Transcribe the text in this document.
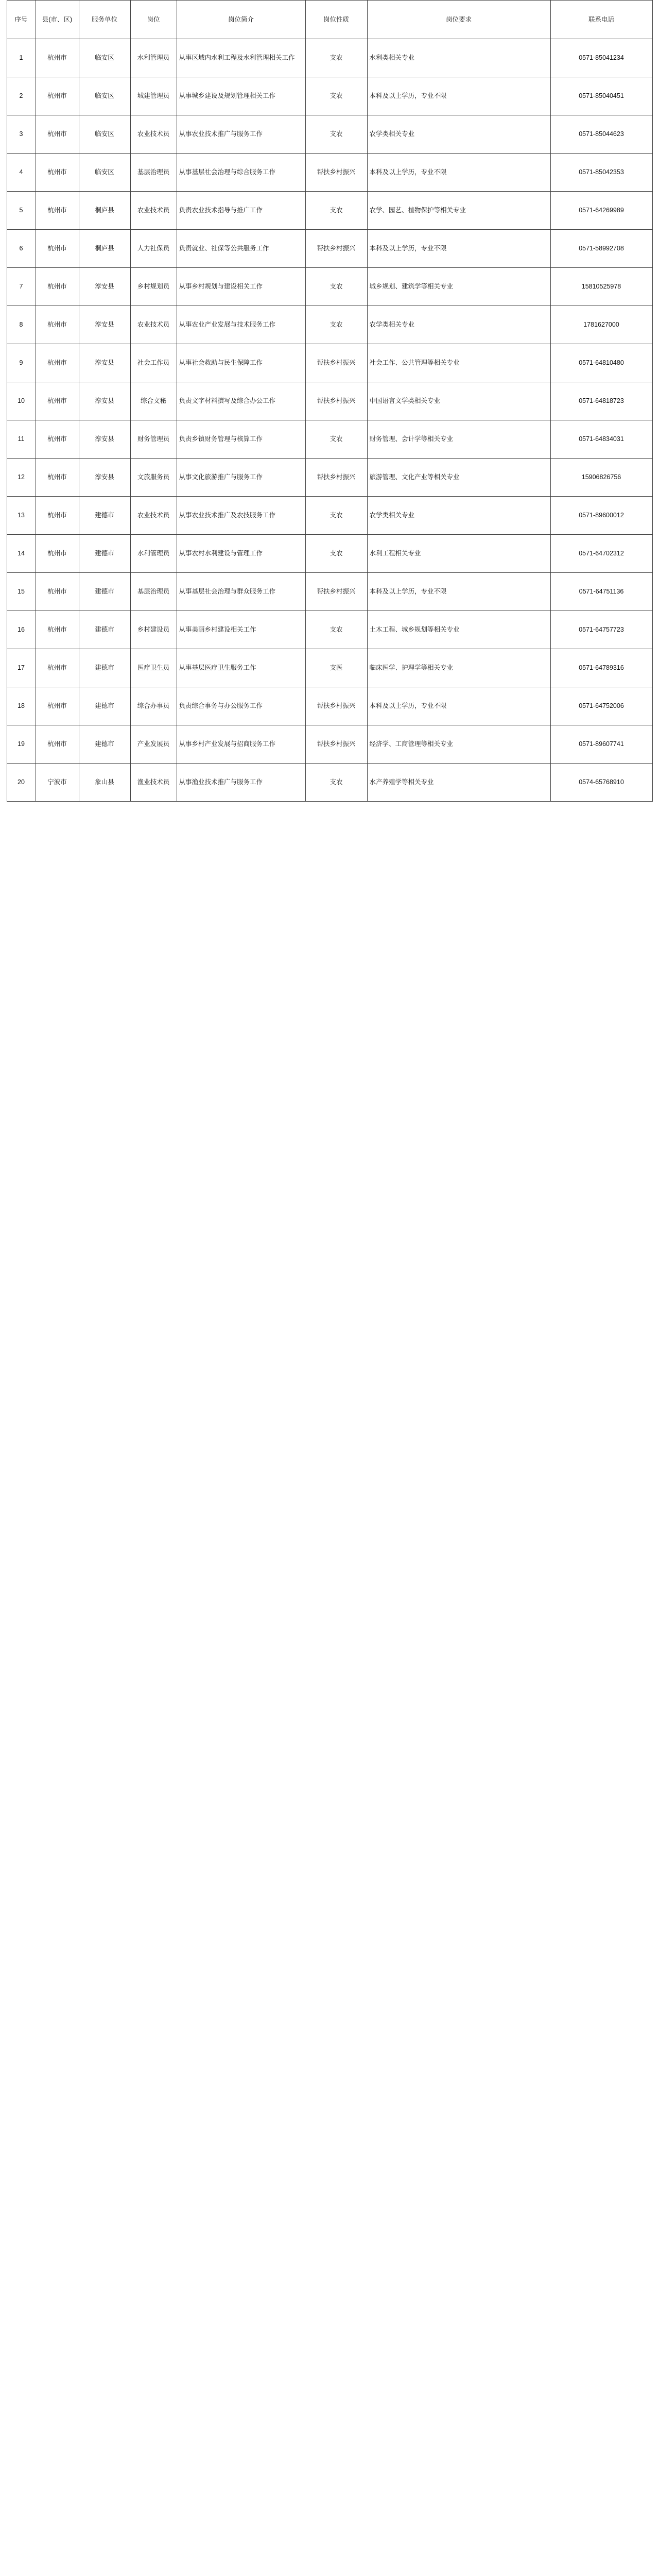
序号	县(市、区)	服务单位	岗位	岗位简介	岗位性质	岗位要求	联系电话
1	杭州市	临安区	水利管理员	从事区域内水利工程及水利管理相关工作	支农	水利类相关专业	0571-85041234
2	杭州市	临安区	城建管理员	从事城乡建设及规划管理相关工作	支农	本科及以上学历，专业不限	0571-85040451
3	杭州市	临安区	农业技术员	从事农业技术推广与服务工作	支农	农学类相关专业	0571-85044623
4	杭州市	临安区	基层治理员	从事基层社会治理与综合服务工作	帮扶乡村振兴	本科及以上学历，专业不限	0571-85042353
5	杭州市	桐庐县	农业技术员	负责农业技术指导与推广工作	支农	农学、园艺、植物保护等相关专业	0571-64269989
6	杭州市	桐庐县	人力社保员	负责就业、社保等公共服务工作	帮扶乡村振兴	本科及以上学历，专业不限	0571-58992708
7	杭州市	淳安县	乡村规划员	从事乡村规划与建设相关工作	支农	城乡规划、建筑学等相关专业	15810525978
8	杭州市	淳安县	农业技术员	从事农业产业发展与技术服务工作	支农	农学类相关专业	1781627000
9	杭州市	淳安县	社会工作员	从事社会救助与民生保障工作	帮扶乡村振兴	社会工作、公共管理等相关专业	0571-64810480
10	杭州市	淳安县	综合文秘	负责文字材料撰写及综合办公工作	帮扶乡村振兴	中国语言文学类相关专业	0571-64818723
11	杭州市	淳安县	财务管理员	负责乡镇财务管理与核算工作	支农	财务管理、会计学等相关专业	0571-64834031
12	杭州市	淳安县	文旅服务员	从事文化旅游推广与服务工作	帮扶乡村振兴	旅游管理、文化产业等相关专业	15906826756
13	杭州市	建德市	农业技术员	从事农业技术推广及农技服务工作	支农	农学类相关专业	0571-89600012
14	杭州市	建德市	水利管理员	从事农村水利建设与管理工作	支农	水利工程相关专业	0571-64702312
15	杭州市	建德市	基层治理员	从事基层社会治理与群众服务工作	帮扶乡村振兴	本科及以上学历，专业不限	0571-64751136
16	杭州市	建德市	乡村建设员	从事美丽乡村建设相关工作	支农	土木工程、城乡规划等相关专业	0571-64757723
17	杭州市	建德市	医疗卫生员	从事基层医疗卫生服务工作	支医	临床医学、护理学等相关专业	0571-64789316
18	杭州市	建德市	综合办事员	负责综合事务与办公服务工作	帮扶乡村振兴	本科及以上学历，专业不限	0571-64752006
19	杭州市	建德市	产业发展员	从事乡村产业发展与招商服务工作	帮扶乡村振兴	经济学、工商管理等相关专业	0571-89607741
20	宁波市	象山县	渔业技术员	从事渔业技术推广与服务工作	支农	水产养殖学等相关专业	0574-65768910
